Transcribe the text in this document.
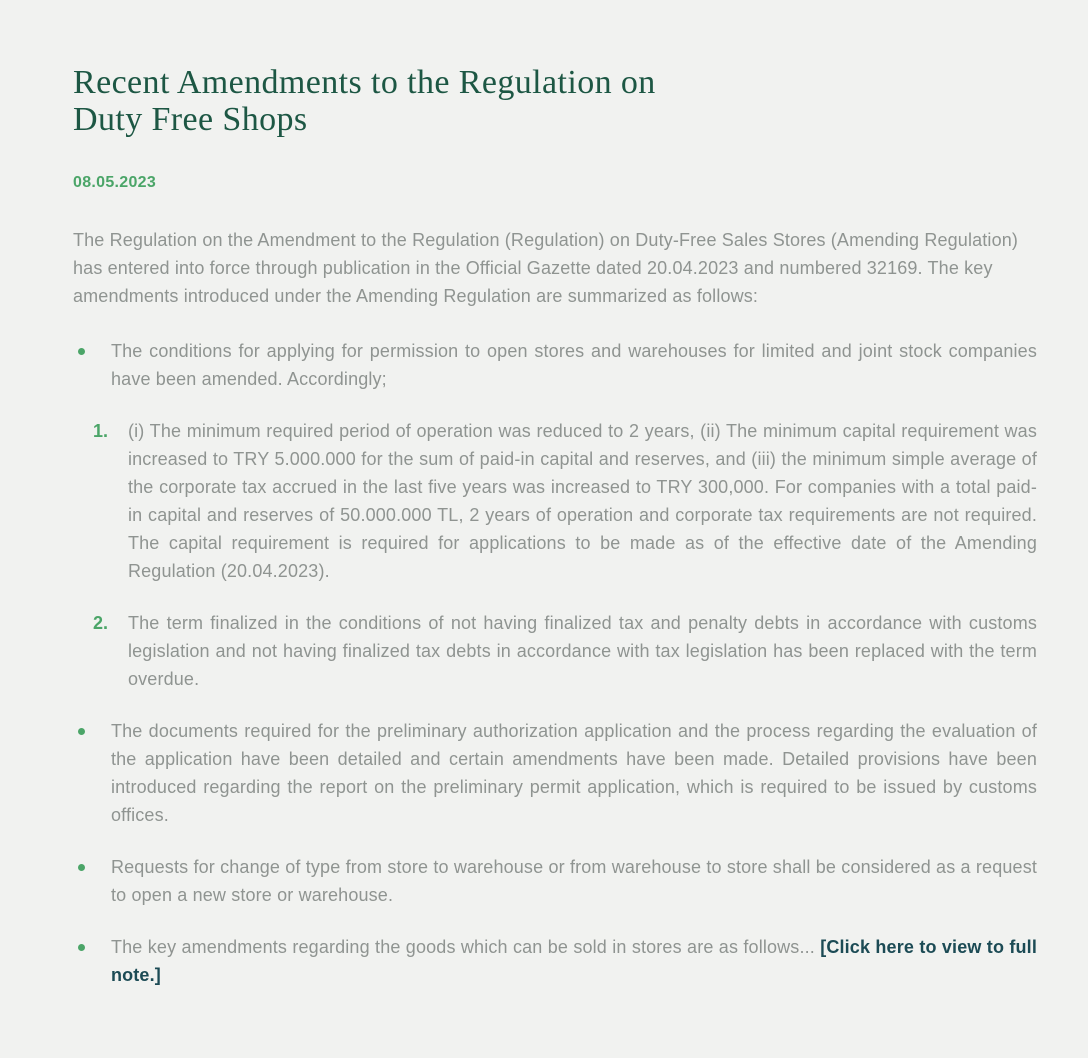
Recent Amendments to the Regulation on
Duty Free Shops
08.05.2023

The Regulation on the Amendment to the Regulation (Regulation) on Duty-Free Sales Stores (Amending Regulation) has entered into force through publication in the Official Gazette dated 20.04.2023 and numbered 32169. The key amendments introduced under the Amending Regulation are summarized as follows:

The conditions for applying for permission to open stores and warehouses for limited and joint stock companies have been amended. Accordingly;
1.	(i) The minimum required period of operation was reduced to 2 years, (ii) The minimum capital requirement was increased to TRY 5.000.000 for the sum of paid-in capital and reserves, and (iii) the minimum simple average of the corporate tax accrued in the last five years was increased to TRY 300,000. For companies with a total paid-in capital and reserves of 50.000.000 TL, 2 years of operation and corporate tax requirements are not required. The capital requirement is required for applications to be made as of the effective date of the Amending Regulation (20.04.2023).
2.	The term finalized in the conditions of not having finalized tax and penalty debts in accordance with customs legislation and not having finalized tax debts in accordance with tax legislation has been replaced with the term overdue.
The documents required for the preliminary authorization application and the process regarding the evaluation of the application have been detailed and certain amendments have been made. Detailed provisions have been introduced regarding the report on the preliminary permit application, which is required to be issued by customs offices.
Requests for change of type from store to warehouse or from warehouse to store shall be considered as a request to open a new store or warehouse.
The key amendments regarding the goods which can be sold in stores are as follows... [Click here to view to full note.]
